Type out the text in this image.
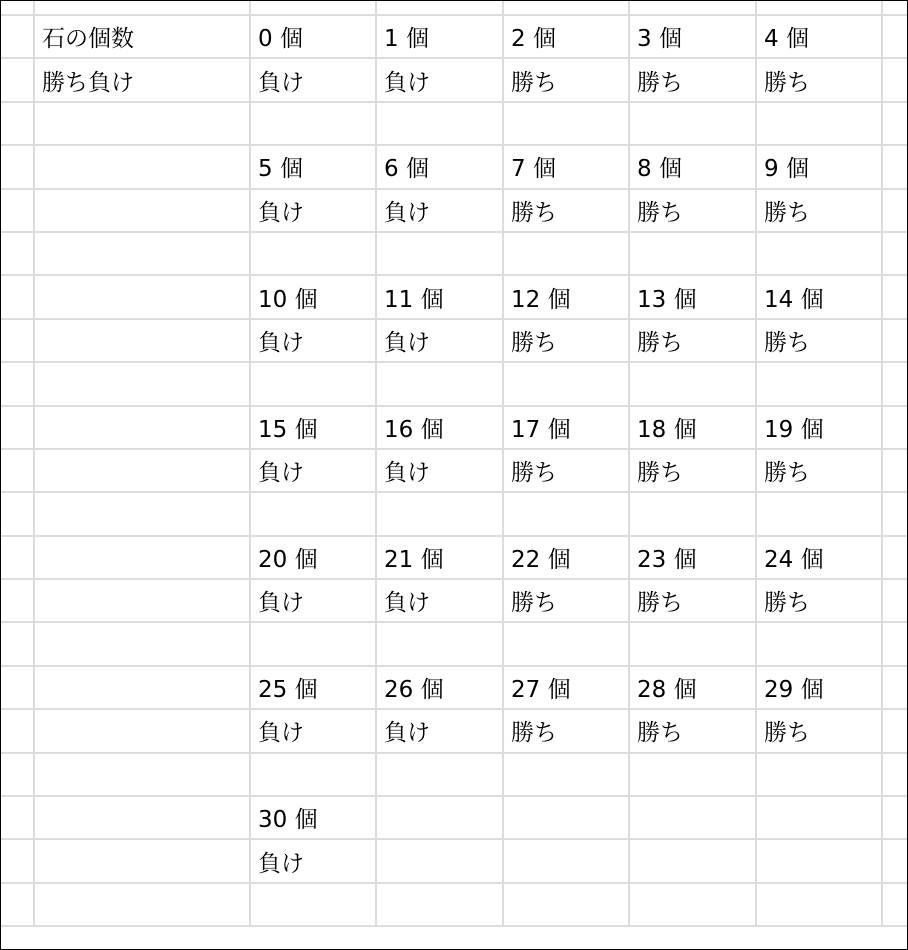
	石の個数	0 個	1 個	2 個	3 個	4 個	
	勝ち負け	負け	負け	勝ち	勝ち	勝ち	

		5 個	6 個	7 個	8 個	9 個	
		負け	負け	勝ち	勝ち	勝ち	

		10 個	11 個	12 個	13 個	14 個	
		負け	負け	勝ち	勝ち	勝ち	

		15 個	16 個	17 個	18 個	19 個	
		負け	負け	勝ち	勝ち	勝ち	

		20 個	21 個	22 個	23 個	24 個	
		負け	負け	勝ち	勝ち	勝ち	

		25 個	26 個	27 個	28 個	29 個	
		負け	負け	勝ち	勝ち	勝ち	

		30 個					
		負け					
